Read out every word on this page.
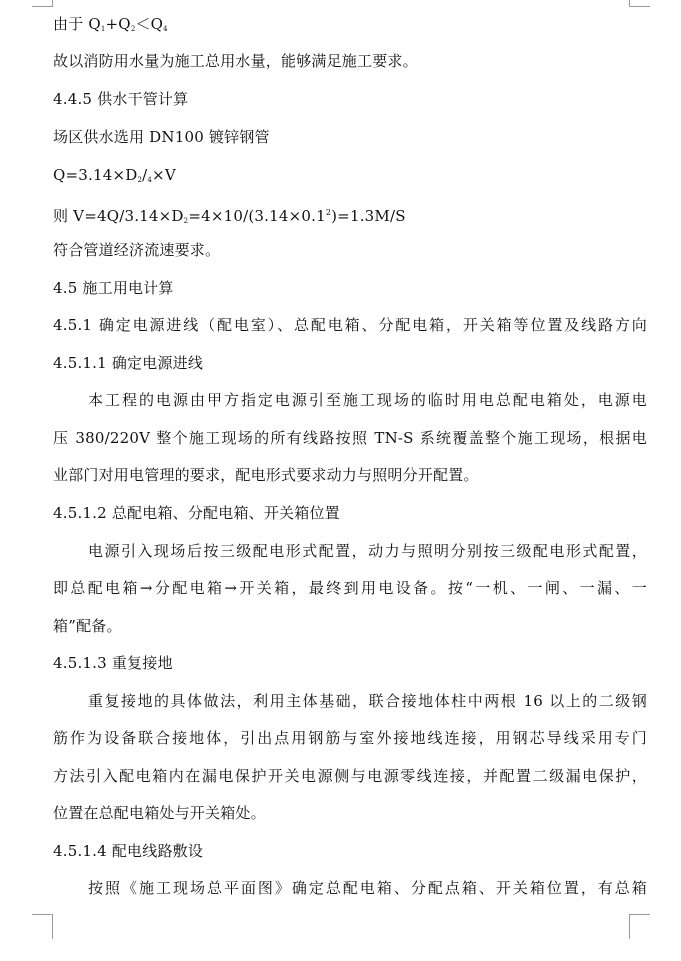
由于 $Q_1+Q_2<Q_4$
故以消防用水量为施工总用水量，能够满足施工要求。
4.4.5 供水干管计算
场区供水选用 DN100 镀锌钢管
$Q=3.14\times D_2/_4\times V$
则 $V=4Q/3.14\times D_2=4\times 10/(3.14\times 0.1^2)=1.3M/S$
符合管道经济流速要求。
4.5 施工用电计算
4.5.1 确定电源进线（配电室）、总配电箱、分配电箱，开关箱等位置及线路方向
4.5.1.1 确定电源进线
本工程的电源由甲方指定电源引至施工现场的临时用电总配电箱处，电源电
压 380/220V 整个施工现场的所有线路按照 TN-S 系统覆盖整个施工现场，根据电
业部门对用电管理的要求，配电形式要求动力与照明分开配置。
4.5.1.2 总配电箱、分配电箱、开关箱位置
电源引入现场后按三级配电形式配置，动力与照明分别按三级配电形式配置，
即总配电箱→分配电箱→开关箱，最终到用电设备。按“一机、一闸、一漏、一
箱”配备。
4.5.1.3 重复接地
重复接地的具体做法，利用主体基础，联合接地体柱中两根 16 以上的二级钢
筋作为设备联合接地体，引出点用钢筋与室外接地线连接，用钢芯导线采用专门
方法引入配电箱内在漏电保护开关电源侧与电源零线连接，并配置二级漏电保护，
位置在总配电箱处与开关箱处。
4.5.1.4 配电线路敷设
按照《施工现场总平面图》确定总配电箱、分配点箱、开关箱位置，有总箱
